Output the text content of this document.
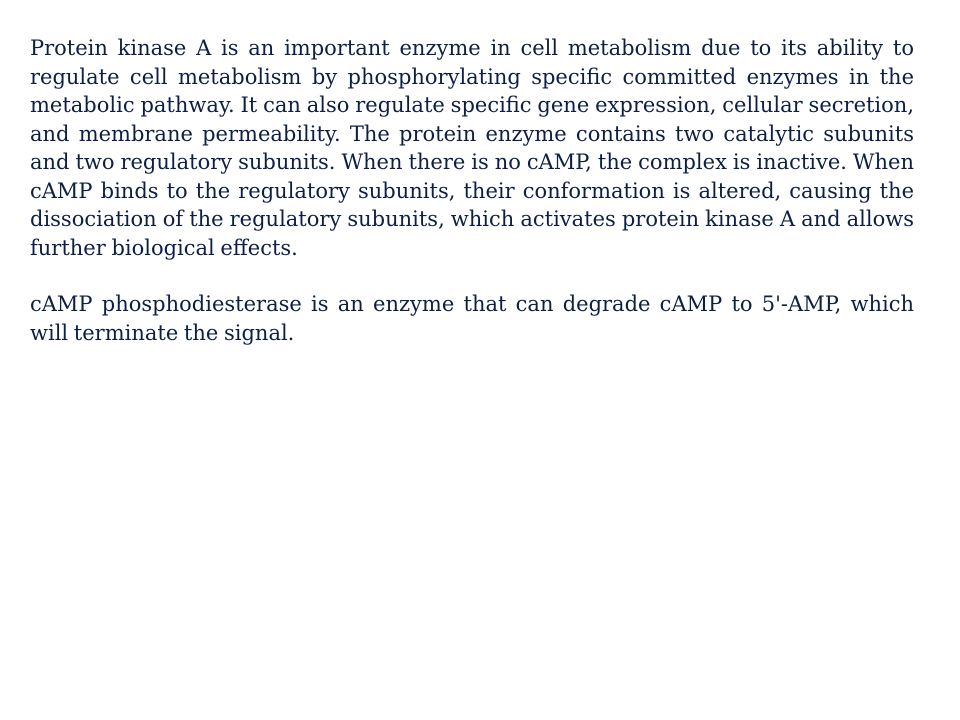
Protein kinase A is an important enzyme in cell metabolism due to its ability to regulate cell metabolism by phosphorylating specific committed enzymes in the metabolic pathway. It can also regulate specific gene expression, cellular secretion, and membrane permeability. The protein enzyme contains two catalytic subunits and two regulatory subunits. When there is no cAMP, the complex is inactive. When cAMP binds to the regulatory subunits, their conformation is altered, causing the dissociation of the regulatory subunits, which activates protein kinase A and allows further biological effects.

cAMP phosphodiesterase is an enzyme that can degrade cAMP to 5'-AMP, which will terminate the signal.
